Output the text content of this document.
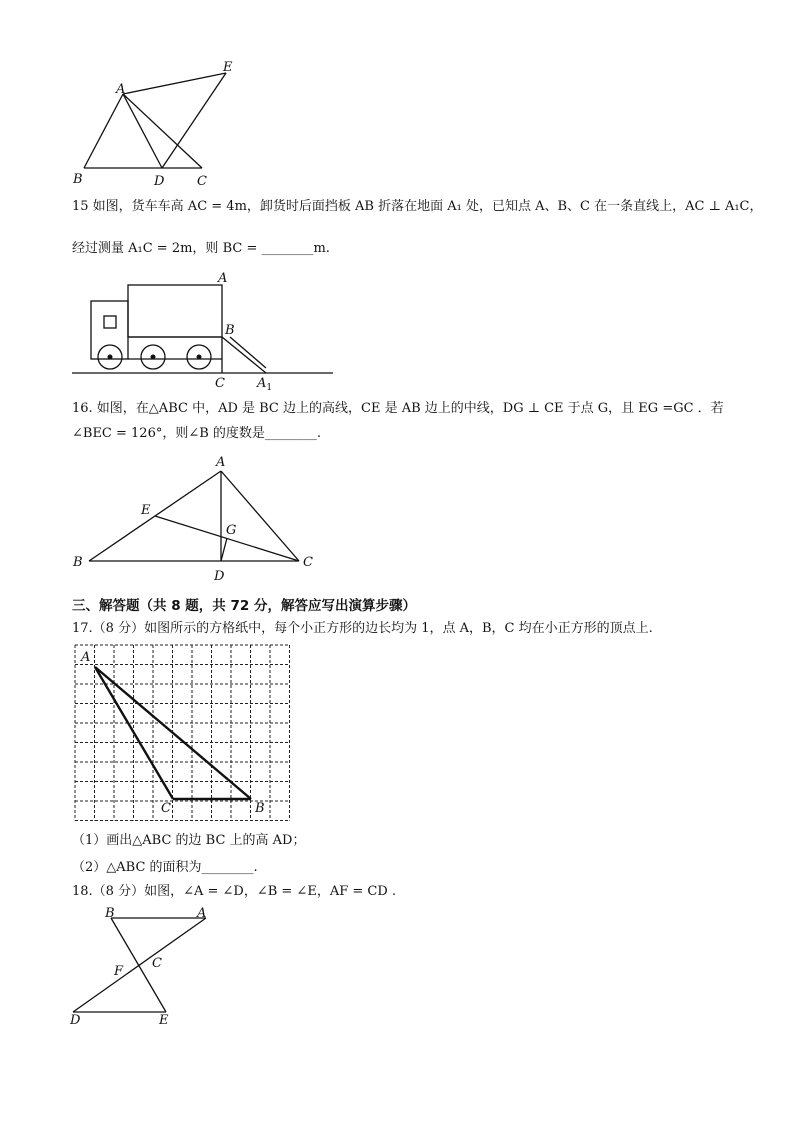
A
E
B	D	C
15 如图，货车车高 AC = 4m，卸货时后面挡板 AB 折落在地面 A₁ 处，已知点 A、B、C 在一条直线上，AC ⊥ A₁C，
经过测量 A₁C = 2m，则 BC = ________m.
A
B
C $A_1$
16. 如图，在△ABC 中，AD 是 BC 边上的高线，CE 是 AB 边上的中线，DG ⊥ CE 于点 G，且 EG =GC ．若
∠BEC = 126°，则∠B 的度数是________.
A
E
G
B	C
D
三、解答题（共 8 题，共 72 分，解答应写出演算步骤）
17.（8 分）如图所示的方格纸中，每个小正方形的边长均为 1，点 A，B，C 均在小正方形的顶点上.
A
C	B
（1）画出△ABC 的边 BC 上的高 AD；
（2）△ABC 的面积为________.
18.（8 分）如图，∠A = ∠D，∠B = ∠E，AF = CD .
B	A
C
F
D	E
